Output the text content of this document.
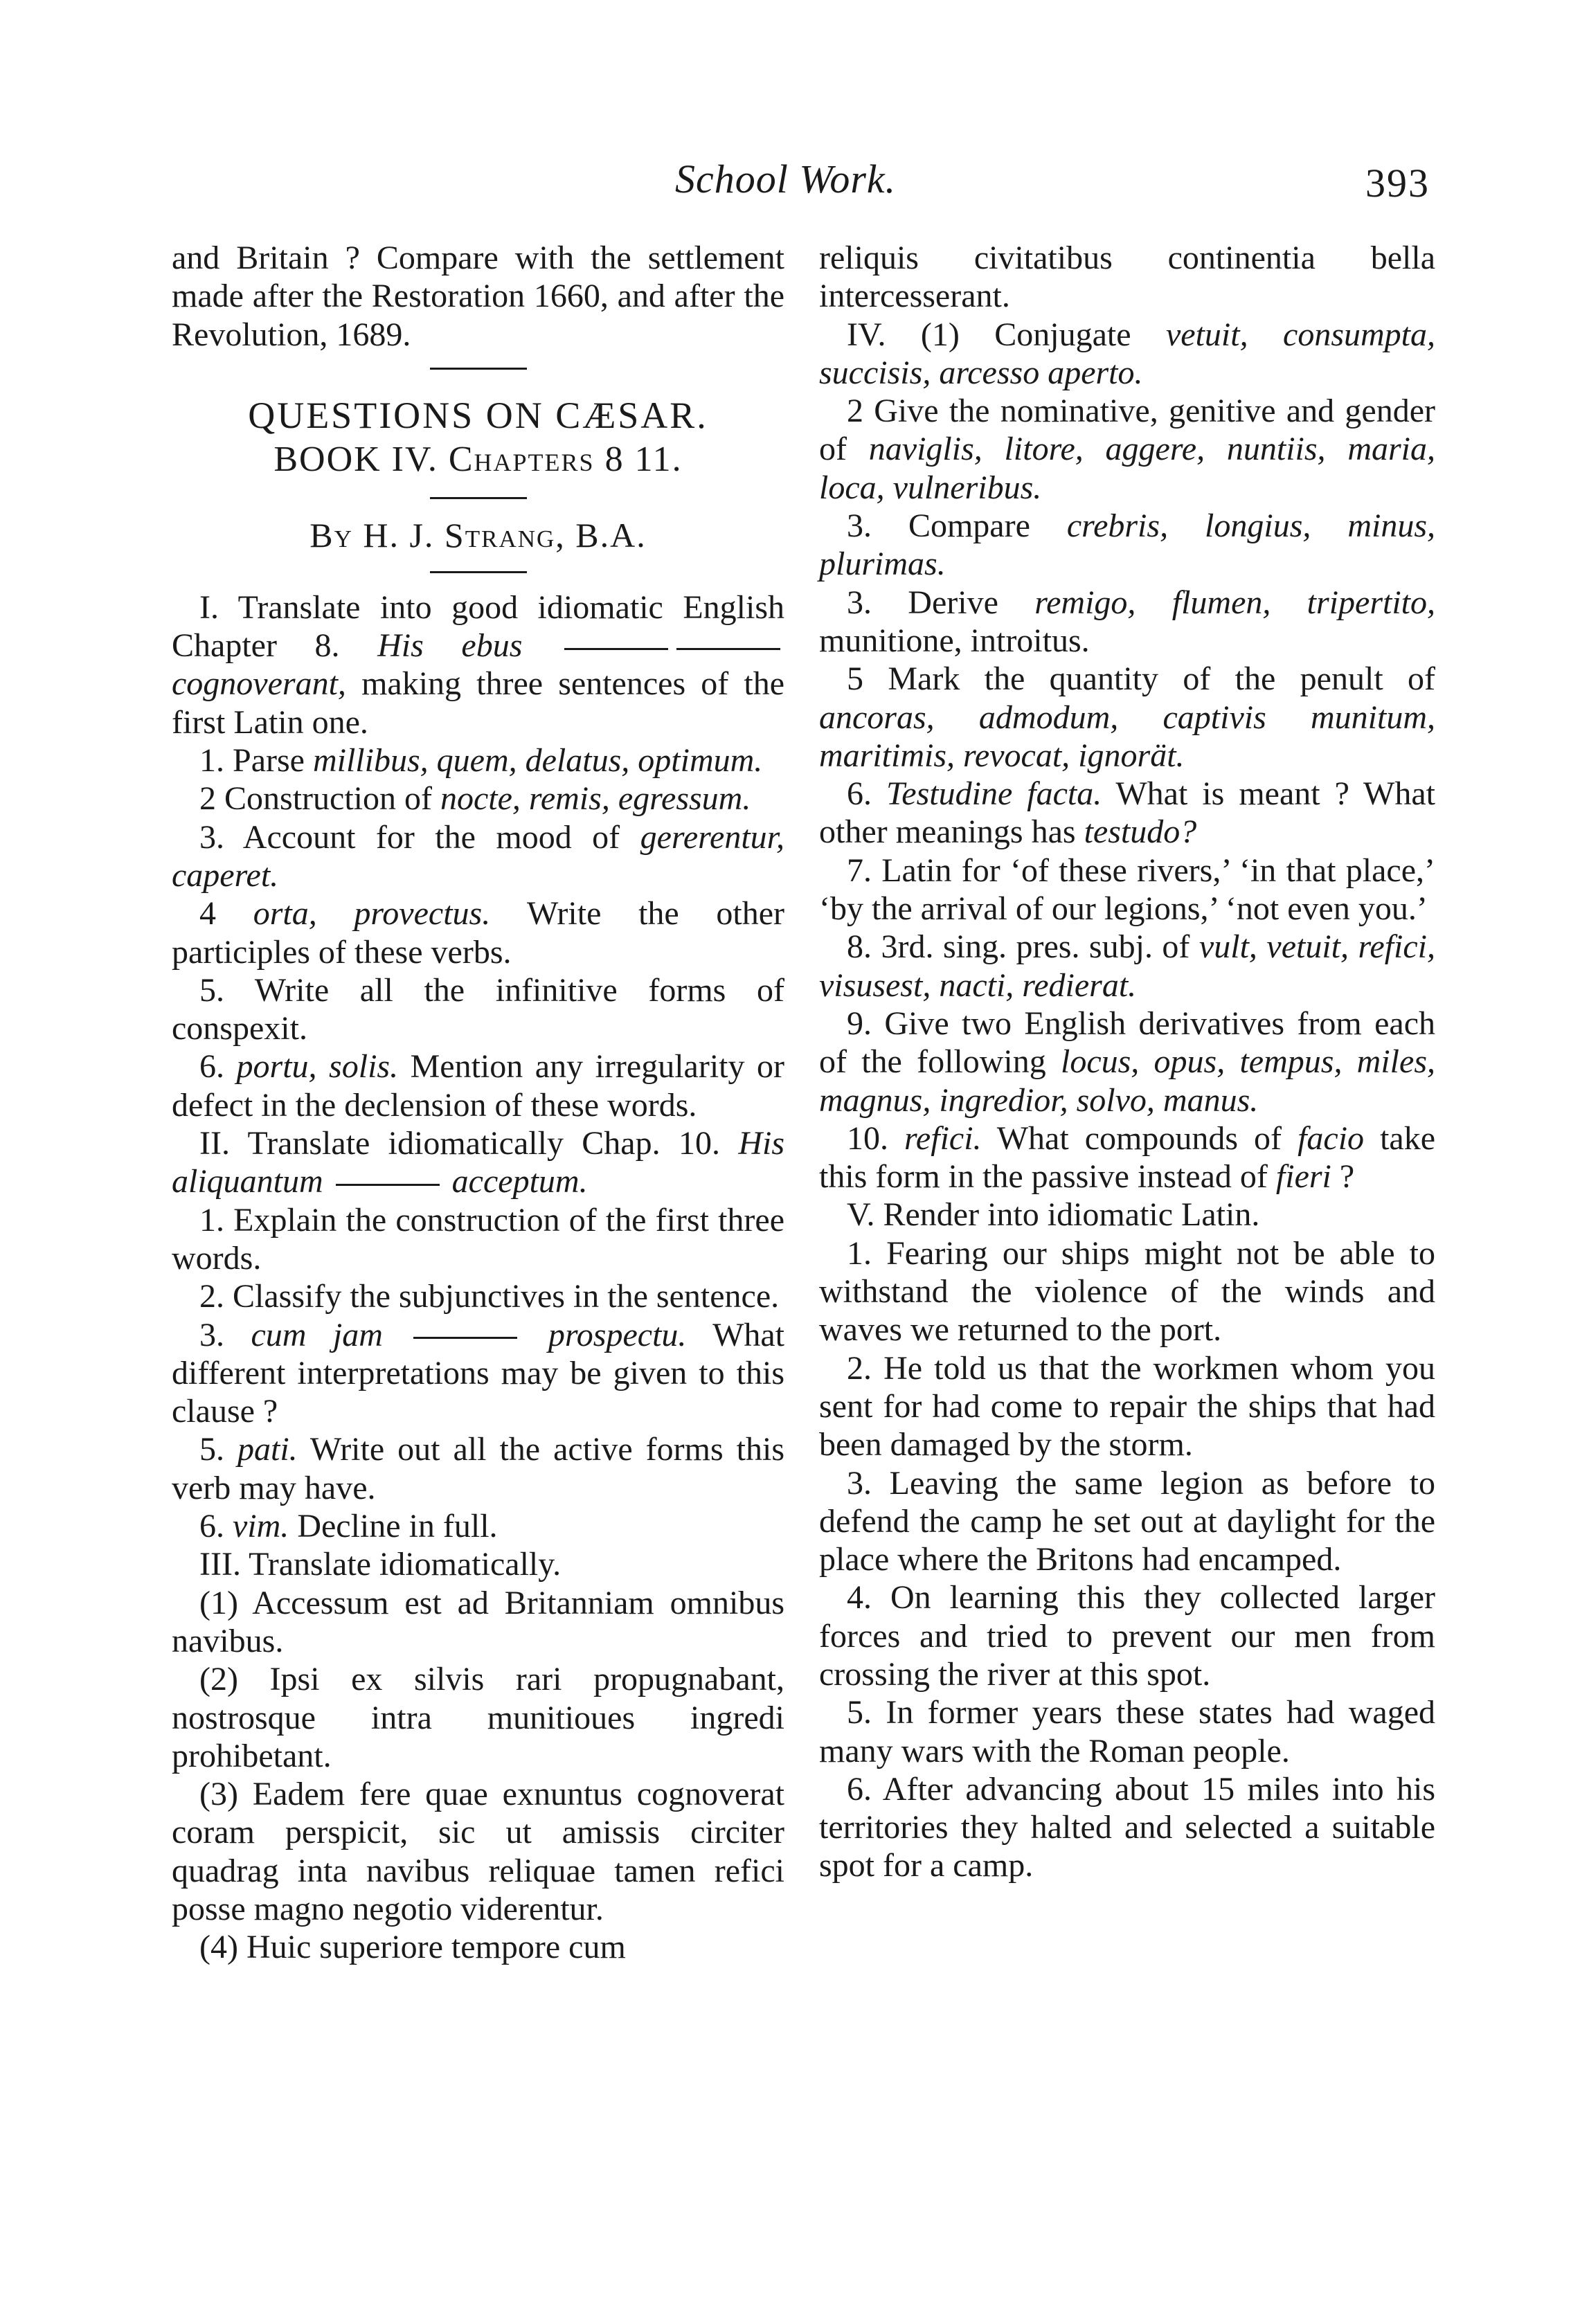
School Work.	393

and Britain ? Compare with the settlement made after the Restoration 1660, and after the Revolution, 1689.

QUESTIONS ON CÆSAR.

BOOK IV. Chapters 8 11.

By H. J. Strang, B.A.

I. Translate into good idiomatic English Chapter 8. His ebus cognoverant, making three sentences of the first Latin one.

1. Parse millibus, quem, delatus, optimum.

2 Construction of nocte, remis, egressum.

3. Account for the mood of gererentur, caperet.

4 orta, provectus. Write the other participles of these verbs.

5. Write all the infinitive forms of conspexit.

6. portu, solis. Mention any irregularity or defect in the declension of these words.

II. Translate idiomatically Chap. 10. His aliquantum	acceptum.

1. Explain the construction of the first three words.

2. Classify the subjunctives in the sentence.

3. cum jam	prospectu. What different interpretations may be given to this clause ?

5. pati. Write out all the active forms this verb may have.

6. vim. Decline in full.

III. Translate idiomatically.

(1) Accessum est ad Britanniam omnibus navibus.

(2) Ipsi ex silvis rari propugnabant, nostrosque intra munitioues ingredi prohibetant.

(3) Eadem fere quae exnuntus cognoverat coram perspicit, sic ut amissis circiter quadrag inta navibus reliquae tamen refici posse magno negotio viderentur.

(4) Huic superiore tempore cum

reliquis civitatibus continentia bella intercesserant.

IV. (1) Conjugate vetuit, consumpta, succisis, arcesso aperto.

2 Give the nominative, genitive and gender of naviglis, litore, aggere, nuntiis, maria, loca, vulneribus.

3. Compare crebris, longius, minus, plurimas.

3. Derive remigo, flumen, tripertito, munitione, introitus.

5 Mark the quantity of the penult of ancoras, admodum, captivis munitum, maritimis, revocat, ignorät.

6. Testudine facta. What is meant ? What other meanings has testudo?

7. Latin for ‘of these rivers,’ ‘in that place,’ ‘by the arrival of our legions,’ ‘not even you.’

8. 3rd. sing. pres. subj. of vult, vetuit, refici, visusest, nacti, redierat.

9. Give two English derivatives from each of the following locus, opus, tempus, miles, magnus, ingredior, solvo, manus.

10. refici. What compounds of facio take this form in the passive instead of fieri ?

V. Render into idiomatic Latin.

1. Fearing our ships might not be able to withstand the violence of the winds and waves we returned to the port.

2. He told us that the workmen whom you sent for had come to repair the ships that had been damaged by the storm.

3. Leaving the same legion as before to defend the camp he set out at daylight for the place where the Britons had encamped.

4. On learning this they collected larger forces and tried to prevent our men from crossing the river at this spot.

5. In former years these states had waged many wars with the Roman people.

6. After advancing about 15 miles into his territories they halted and selected a suitable spot for a camp.
